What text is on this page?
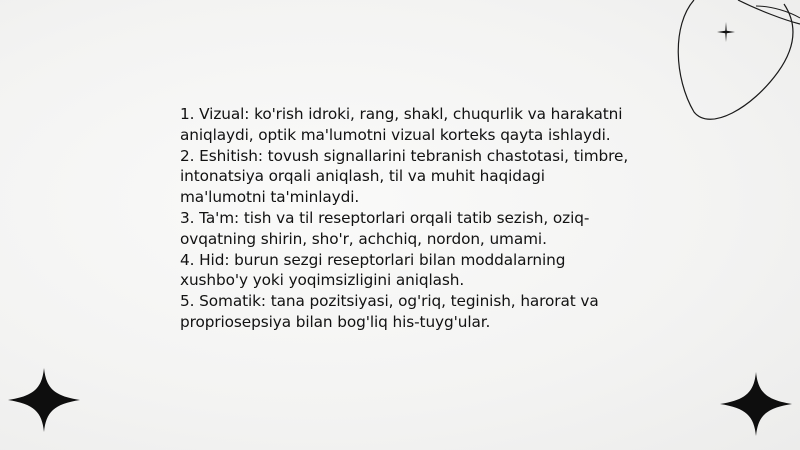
1. Vizual: ko'rish idroki, rang, shakl, chuqurlik va harakatni aniqlaydi, optik ma'lumotni vizual korteks qayta ishlaydi.
2. Eshitish: tovush signallarini tebranish chastotasi, timbre, intonatsiya orqali aniqlash, til va muhit haqidagi ma'lumotni ta'minlaydi.
3. Ta'm: tish va til reseptorlari orqali tatib sezish, oziq-ovqatning shirin, sho'r, achchiq, nordon, umami.
4. Hid: burun sezgi reseptorlari bilan moddalarning xushbo'y yoki yoqimsizligini aniqlash.
5. Somatik: tana pozitsiyasi, og'riq, teginish, harorat va propriosepsiya bilan bog'liq his-tuyg'ular.
